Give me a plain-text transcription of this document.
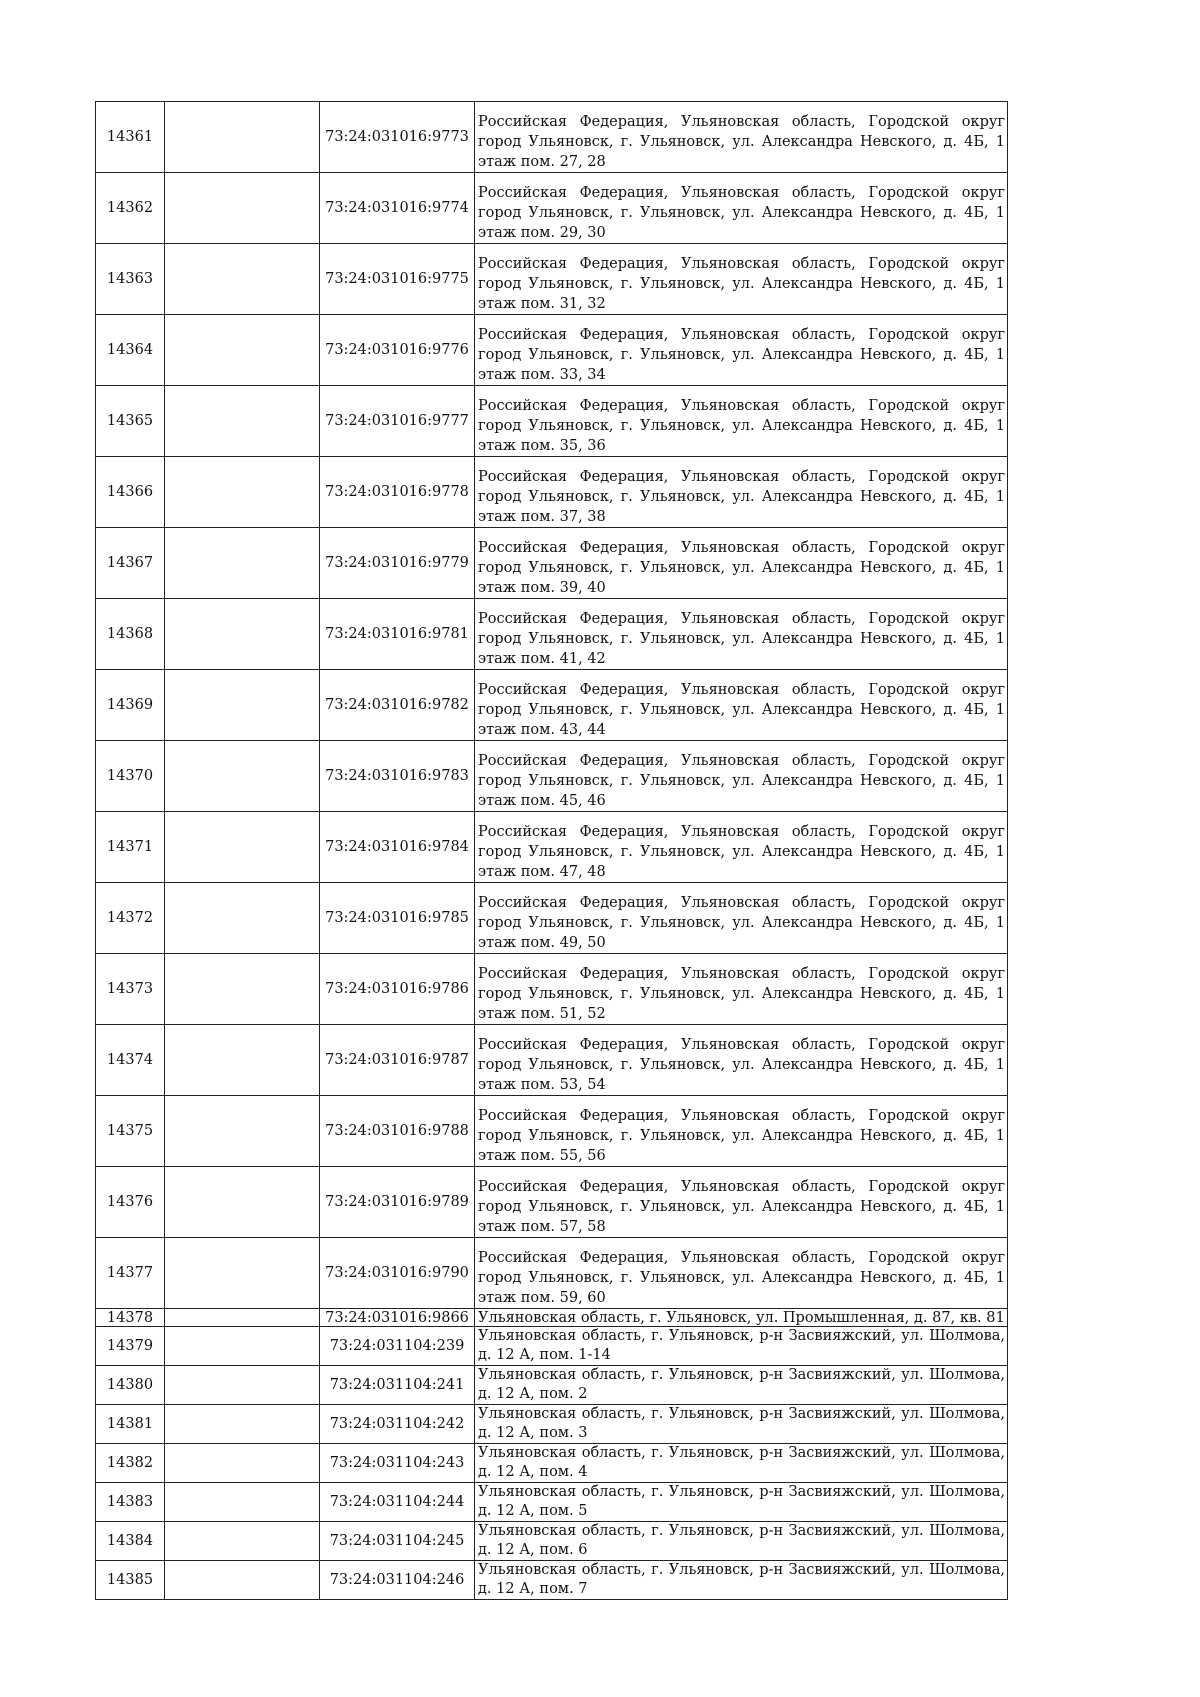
14361		73:24:031016:9773	Российская Федерация, Ульяновская область, Городской округ город Ульяновск, г. Ульяновск, ул. Александра Невского, д. 4Б, 1 этаж пом. 27, 28
14362		73:24:031016:9774	Российская Федерация, Ульяновская область, Городской округ город Ульяновск, г. Ульяновск, ул. Александра Невского, д. 4Б, 1 этаж пом. 29, 30
14363		73:24:031016:9775	Российская Федерация, Ульяновская область, Городской округ город Ульяновск, г. Ульяновск, ул. Александра Невского, д. 4Б, 1 этаж пом. 31, 32
14364		73:24:031016:9776	Российская Федерация, Ульяновская область, Городской округ город Ульяновск, г. Ульяновск, ул. Александра Невского, д. 4Б, 1 этаж пом. 33, 34
14365		73:24:031016:9777	Российская Федерация, Ульяновская область, Городской округ город Ульяновск, г. Ульяновск, ул. Александра Невского, д. 4Б, 1 этаж пом. 35, 36
14366		73:24:031016:9778	Российская Федерация, Ульяновская область, Городской округ город Ульяновск, г. Ульяновск, ул. Александра Невского, д. 4Б, 1 этаж пом. 37, 38
14367		73:24:031016:9779	Российская Федерация, Ульяновская область, Городской округ город Ульяновск, г. Ульяновск, ул. Александра Невского, д. 4Б, 1 этаж пом. 39, 40
14368		73:24:031016:9781	Российская Федерация, Ульяновская область, Городской округ город Ульяновск, г. Ульяновск, ул. Александра Невского, д. 4Б, 1 этаж пом. 41, 42
14369		73:24:031016:9782	Российская Федерация, Ульяновская область, Городской округ город Ульяновск, г. Ульяновск, ул. Александра Невского, д. 4Б, 1 этаж пом. 43, 44
14370		73:24:031016:9783	Российская Федерация, Ульяновская область, Городской округ город Ульяновск, г. Ульяновск, ул. Александра Невского, д. 4Б, 1 этаж пом. 45, 46
14371		73:24:031016:9784	Российская Федерация, Ульяновская область, Городской округ город Ульяновск, г. Ульяновск, ул. Александра Невского, д. 4Б, 1 этаж пом. 47, 48
14372		73:24:031016:9785	Российская Федерация, Ульяновская область, Городской округ город Ульяновск, г. Ульяновск, ул. Александра Невского, д. 4Б, 1 этаж пом. 49, 50
14373		73:24:031016:9786	Российская Федерация, Ульяновская область, Городской округ город Ульяновск, г. Ульяновск, ул. Александра Невского, д. 4Б, 1 этаж пом. 51, 52
14374		73:24:031016:9787	Российская Федерация, Ульяновская область, Городской округ город Ульяновск, г. Ульяновск, ул. Александра Невского, д. 4Б, 1 этаж пом. 53, 54
14375		73:24:031016:9788	Российская Федерация, Ульяновская область, Городской округ город Ульяновск, г. Ульяновск, ул. Александра Невского, д. 4Б, 1 этаж пом. 55, 56
14376		73:24:031016:9789	Российская Федерация, Ульяновская область, Городской округ город Ульяновск, г. Ульяновск, ул. Александра Невского, д. 4Б, 1 этаж пом. 57, 58
14377		73:24:031016:9790	Российская Федерация, Ульяновская область, Городской округ город Ульяновск, г. Ульяновск, ул. Александра Невского, д. 4Б, 1 этаж пом. 59, 60
14378		73:24:031016:9866	Ульяновская область, г. Ульяновск, ул. Промышленная, д. 87, кв. 81
14379		73:24:031104:239	Ульяновская область, г. Ульяновск, р-н Засвияжский, ул. Шолмова, д. 12 А, пом. 1-14
14380		73:24:031104:241	Ульяновская область, г. Ульяновск, р-н Засвияжский, ул. Шолмова, д. 12 А, пом. 2
14381		73:24:031104:242	Ульяновская область, г. Ульяновск, р-н Засвияжский, ул. Шолмова, д. 12 А, пом. 3
14382		73:24:031104:243	Ульяновская область, г. Ульяновск, р-н Засвияжский, ул. Шолмова, д. 12 А, пом. 4
14383		73:24:031104:244	Ульяновская область, г. Ульяновск, р-н Засвияжский, ул. Шолмова, д. 12 А, пом. 5
14384		73:24:031104:245	Ульяновская область, г. Ульяновск, р-н Засвияжский, ул. Шолмова, д. 12 А, пом. 6
14385		73:24:031104:246	Ульяновская область, г. Ульяновск, р-н Засвияжский, ул. Шолмова, д. 12 А, пом. 7
